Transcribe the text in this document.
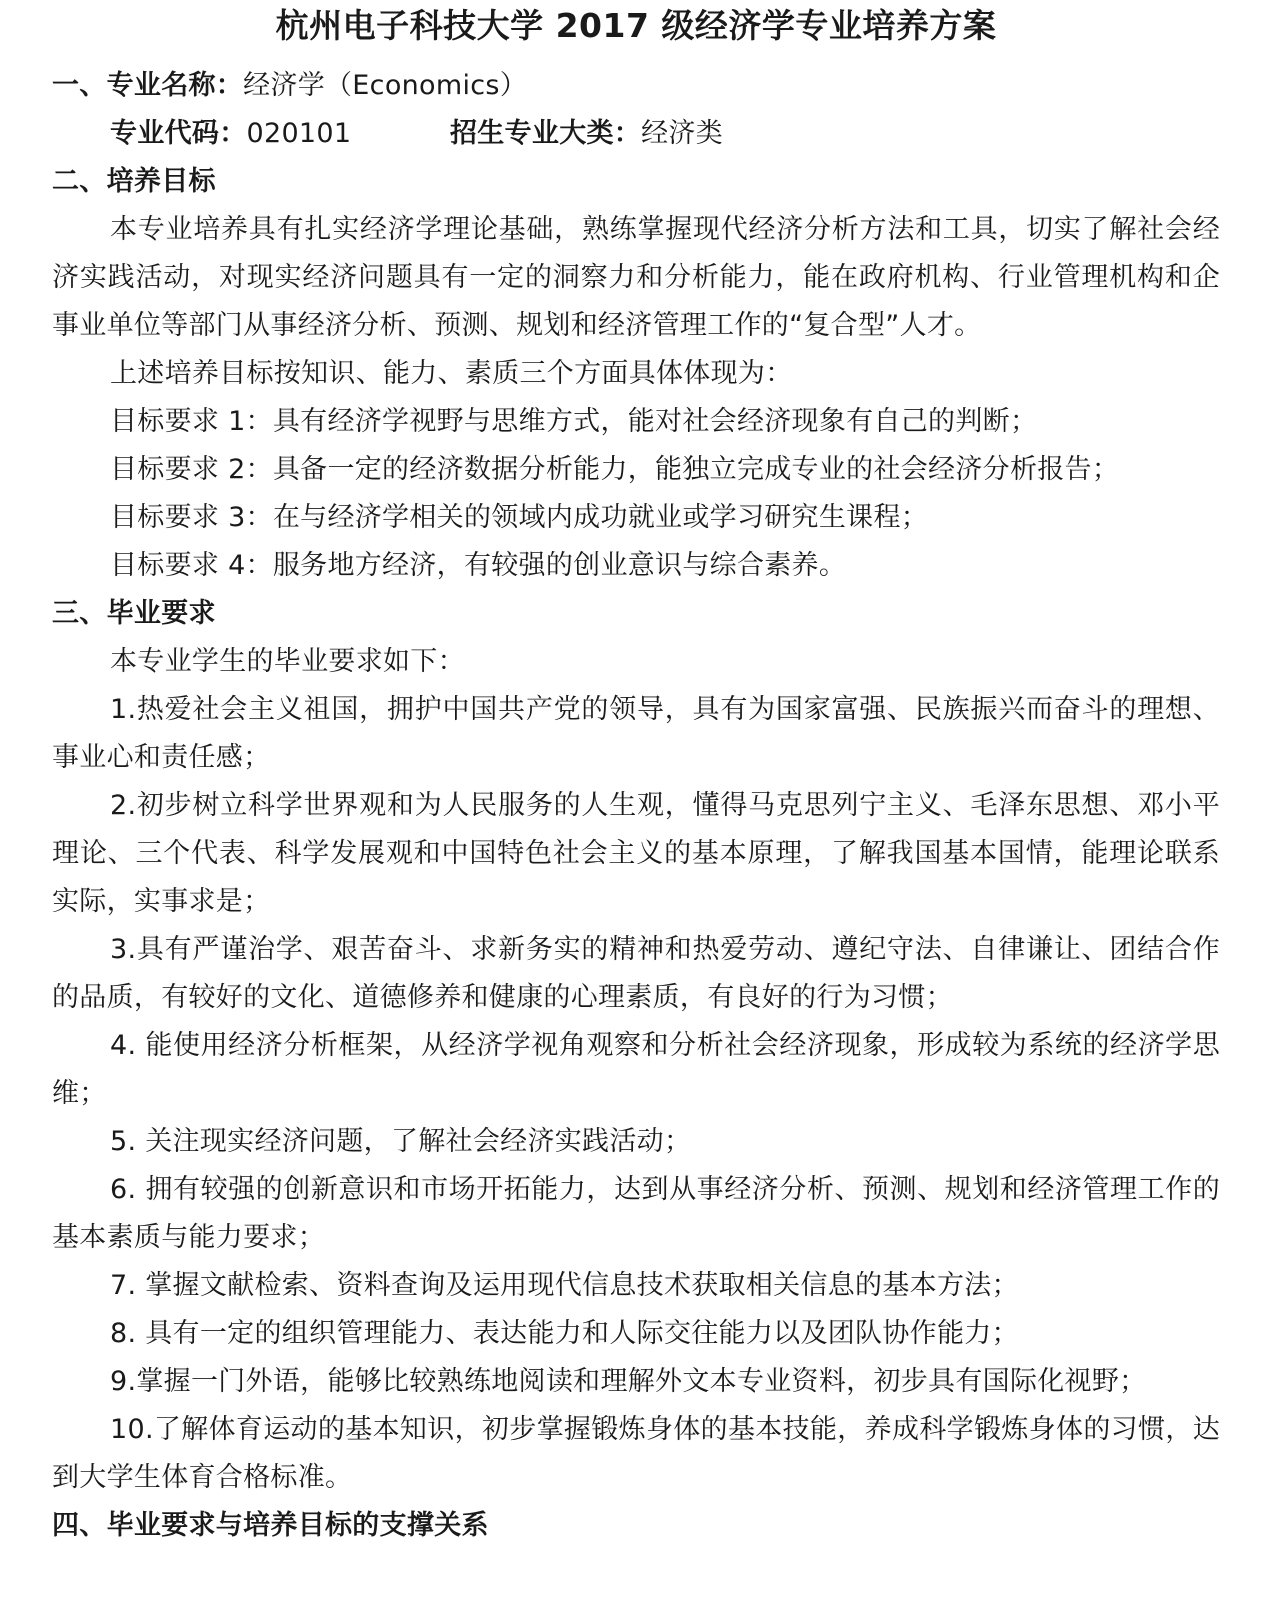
杭州电子科技大学 2017 级经济学专业培养方案
一、专业名称：经济学（Economics）
专业代码：020101	招生专业大类：经济类
二、培养目标

本专业培养具有扎实经济学理论基础，熟练掌握现代经济分析方法和工具，切实了解社会经济实践活动，对现实经济问题具有一定的洞察力和分析能力，能在政府机构、行业管理机构和企事业单位等部门从事经济分析、预测、规划和经济管理工作的“复合型”人才。

上述培养目标按知识、能力、素质三个方面具体体现为：
目标要求 1：具有经济学视野与思维方式，能对社会经济现象有自己的判断；
目标要求 2：具备一定的经济数据分析能力，能独立完成专业的社会经济分析报告；
目标要求 3：在与经济学相关的领域内成功就业或学习研究生课程；
目标要求 4：服务地方经济，有较强的创业意识与综合素养。
三、毕业要求
本专业学生的毕业要求如下：

1.热爱社会主义祖国，拥护中国共产党的领导，具有为国家富强、民族振兴而奋斗的理想、事业心和责任感；

2.初步树立科学世界观和为人民服务的人生观，懂得马克思列宁主义、毛泽东思想、邓小平理论、三个代表、科学发展观和中国特色社会主义的基本原理，了解我国基本国情，能理论联系实际，实事求是；

3.具有严谨治学、艰苦奋斗、求新务实的精神和热爱劳动、遵纪守法、自律谦让、团结合作的品质，有较好的文化、道德修养和健康的心理素质，有良好的行为习惯；

4. 能使用经济分析框架，从经济学视角观察和分析社会经济现象，形成较为系统的经济学思维；

5. 关注现实经济问题，了解社会经济实践活动；

6. 拥有较强的创新意识和市场开拓能力，达到从事经济分析、预测、规划和经济管理工作的基本素质与能力要求；

7. 掌握文献检索、资料查询及运用现代信息技术获取相关信息的基本方法；

8. 具有一定的组织管理能力、表达能力和人际交往能力以及团队协作能力；

9.掌握一门外语，能够比较熟练地阅读和理解外文本专业资料，初步具有国际化视野；

10.了解体育运动的基本知识，初步掌握锻炼身体的基本技能，养成科学锻炼身体的习惯，达到大学生体育合格标准。

四、毕业要求与培养目标的支撑关系
